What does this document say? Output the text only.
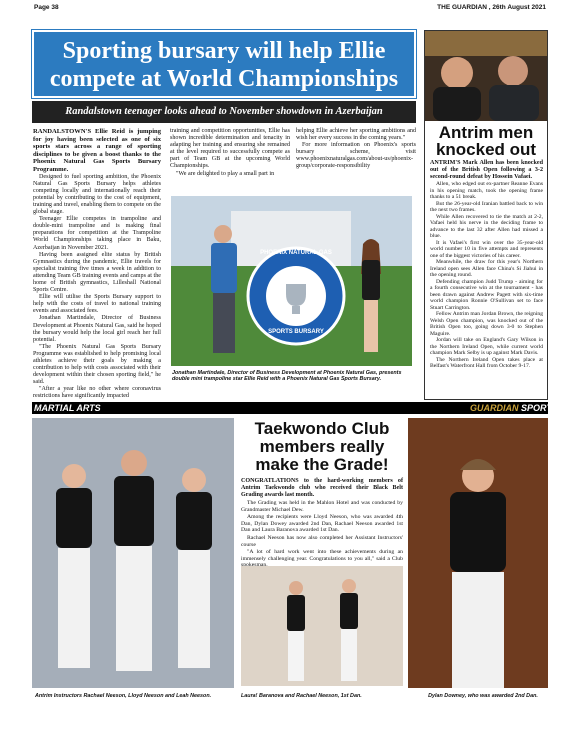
Page 38	THE GUARDIAN , 26th August 2021
Sporting bursary will help Ellie
compete at World Championships
Randalstown teenager looks ahead to November showdown in Azerbaijan

RANDALSTOWN'S Ellie Reid is jumping for joy having been selected as one of six sports stars across a range of sporting disciplines to be given a boost thanks to the Phoenix Natural Gas Sports Bursary Programme.

Designed to fuel sporting ambition, the Phoenix Natural Gas Sports Bursary helps athletes competing locally and internationally reach their potential by contributing to the cost of equipment, training and travel, enabling them to compete on the global stage.

Teenager Ellie competes in trampoline and double-mini trampoline and is making final preparations for competition at the Trampoline World Championships taking place in Baku, Azerbaijan in November 2021.

Having been assigned elite status by British Gymnastics during the pandemic, Ellie travels for specialist training five times a week in addition to attending Team GB training events and camps at the home of British gymnastics, Lilleshall National Sports Centre.

Ellie will utilise the Sports Bursary support to help with the costs of travel to national training events and associated fees.

Jonathan Martindale, Director of Business Development at Phoenix Natural Gas, said he hoped the bursary would help the local girl reach her full potential.

"The Phoenix Natural Gas Sports Bursary Programme was established to help promising local athletes achieve their goals by making a contribution to help with costs associated with their development within their chosen sporting field," he said.

"After a year like no other where coronavirus restrictions have significantly impacted

training and competition opportunities, Ellie has shown incredible determination and tenacity in adapting her training and ensuring she remained at the level required to successfully compete as part of Team GB at the upcoming World Championships.

"We are delighted to play a small part in

helping Ellie achieve her sporting ambitions and wish her every success in the coming years."

For more information on Phoenix's sports bursary scheme, visit www.phoenixnaturalgas.com/about-us/phoenix-group/corporate-responsibility

PHOENIX NATURAL GAS
SPORTS BURSARY
Jonathan Martindale, Director of Business Development at Phoenix Natural Gas, presents double mini trampoline star Ellie Reid with a Phoenix Natural Gas Sports Bursary.
Antrim men
knocked out

ANTRIM'S Mark Allen has been knocked out of the British Open following a 3-2 second-round defeat by Hossein Vafaei.

Allen, who edged out ex-partner Reanne Evans in his opening match, took the opening frame thanks to a 51 break.

But the 26-year-old Iranian battled back to win the next two frames.

While Allen recovered to tie the match at 2-2, Vafaei held his nerve in the deciding frame to advance to the last 32 after Allen had missed a blue.

It is Vafaei's first win over the 35-year-old world number 10 in five attempts and represents one of the biggest victories of his career.

Meanwhile, the draw for this year's Northern Ireland open sees Allen face China's Si Jiahui in the opening round.

Defending champion Judd Trump - aiming for a fourth consecutive win at the tournament - has been drawn against Andrew Pagett with six-time world champion Ronnie O'Sullivan set to face Stuart Carrington.

Fellow Antrim man Jordan Brown, the reigning Welsh Open champion, was knocked out of the British Open too, going down 3-0 to Stephen Maguire.

Jordan will take on England's Gary Wilson in the Northern Ireland Open, while current world champion Mark Selby is up against Mark Davis.

The Northern Ireland Open takes place at Belfast's Waterfront Hall from October 9-17.

MARTIAL ARTS	GUARDIAN SPORT
Antrim Instructors Rachael Neeson, Lloyd Neeson and Leah Neeson.
Taekwondo Club
members really
make the Grade!

CONGRATLATIONS to the hard-working members of Antrim Taekwondo club who received their Black Belt Grading awards last month.

The Grading was held in the Mahlon Hotel and was conducted by Grandmaster Michael Dew.

Among the recipients were Lloyd Neeson, who was awarded 4th Dan, Dylan Dowey awarded 2nd Dan, Rachael Neeson awarded 1st Dan and Laura Baranova awarded 1st Dan.

Rachael Neeson has now also completed her Assistant Instructors' course

"A lot of hard work went into these achievements during an immensely challenging year. Congratulations to you all," said a Club

Laura! Baranova and Rachael Neeson, 1st Dan.	Dylan Downey, who was awarded 2nd Dan.
